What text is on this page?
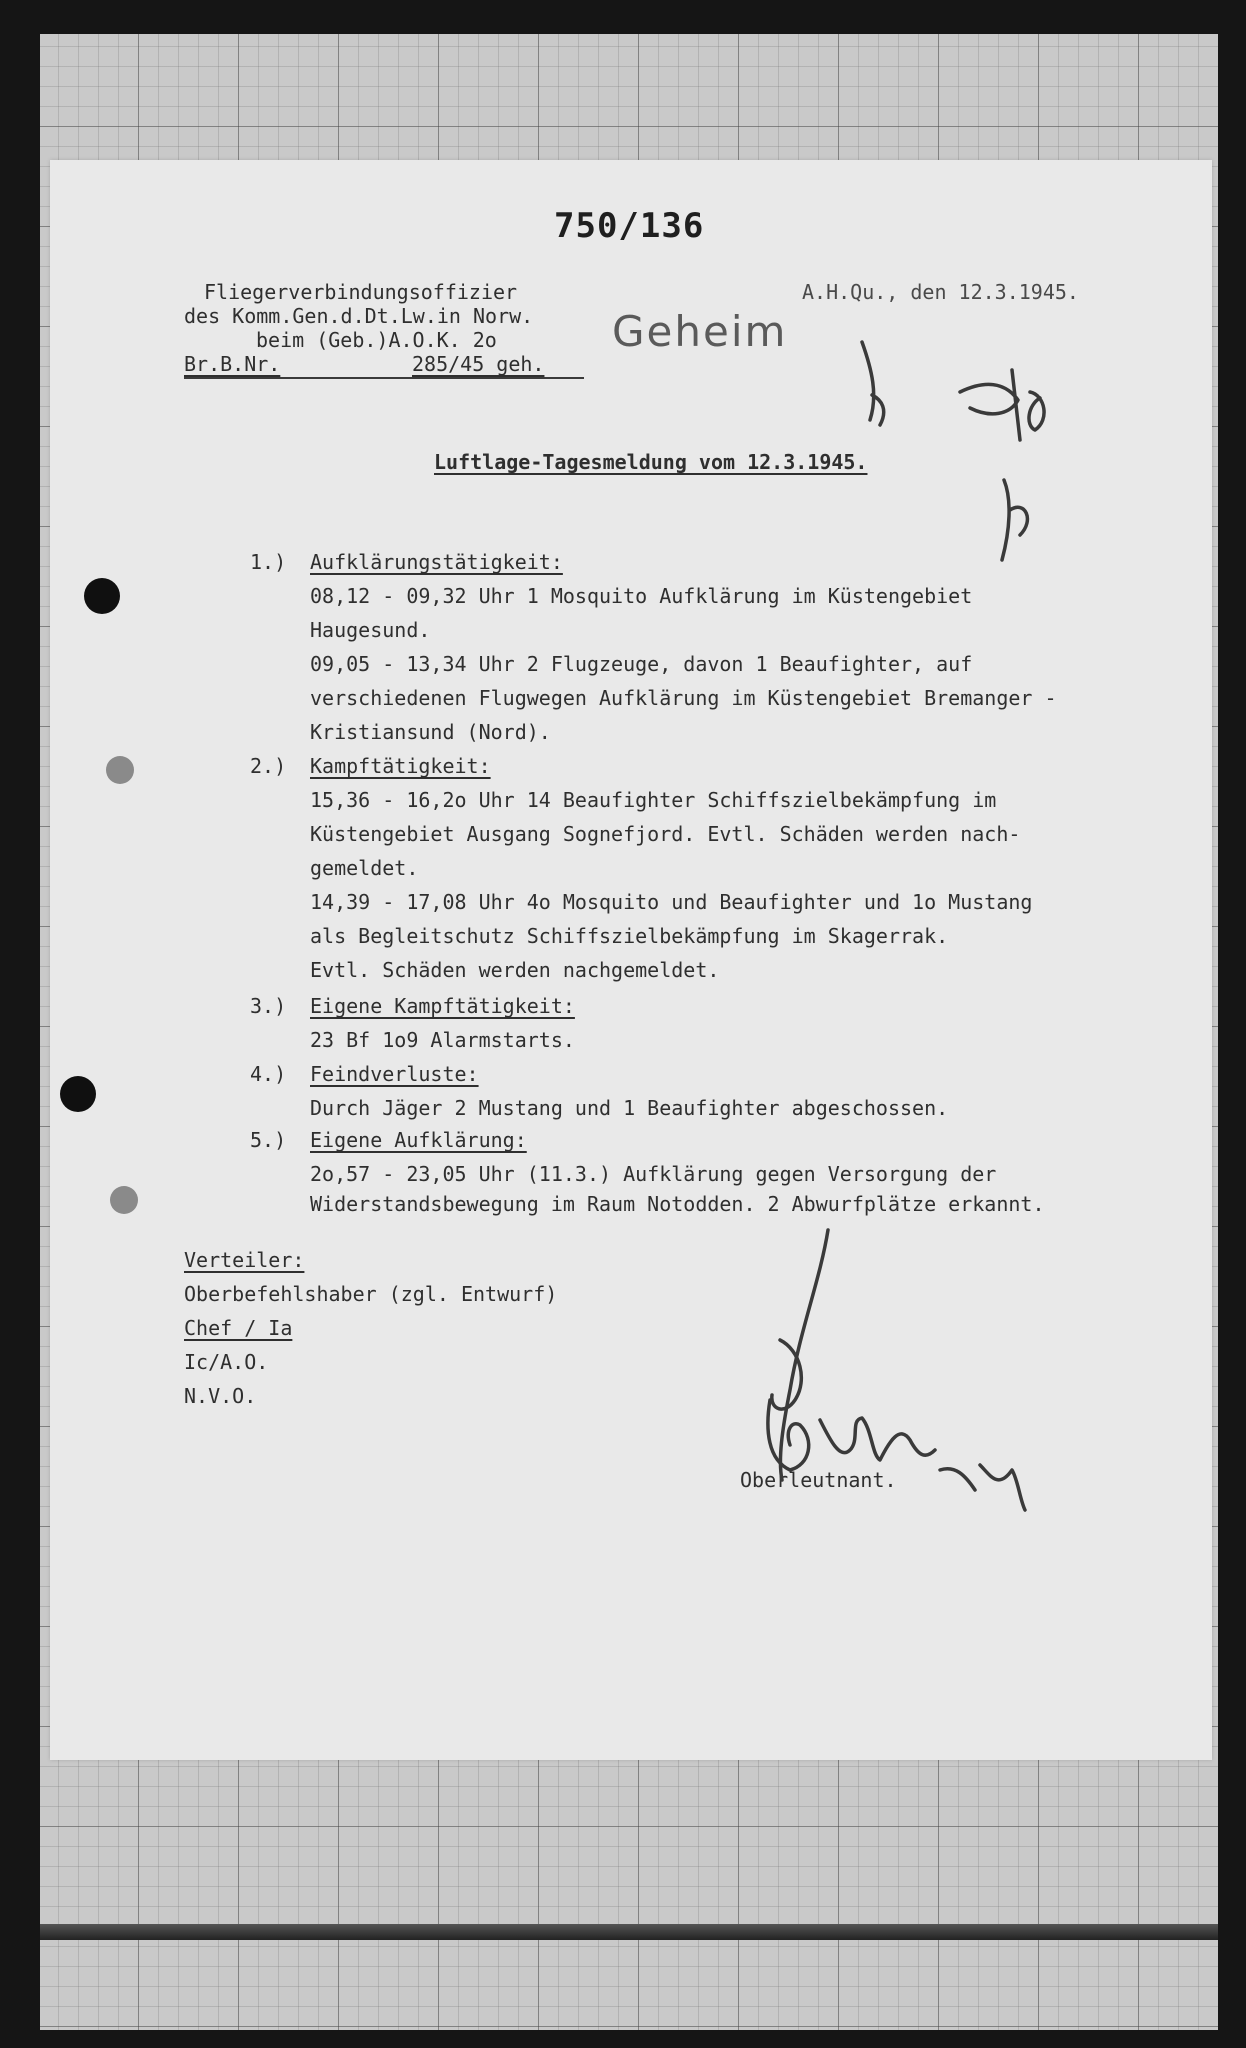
750/136
Fliegerverbindungsoffizier
des Komm.Gen.d.Dt.Lw.in Norw.
beim (Geb.)A.O.K. 2o
Br.B.Nr.	285/45 geh.
A.H.Qu., den 12.3.1945.
Geheim
Luftlage-Tagesmeldung vom 12.3.1945.
1.) Aufklärungstätigkeit:
08,12 - 09,32 Uhr 1 Mosquito Aufklärung im Küstengebiet
Haugesund.
09,05 - 13,34 Uhr 2 Flugzeuge, davon 1 Beaufighter, auf
verschiedenen Flugwegen Aufklärung im Küstengebiet Bremanger -
Kristiansund (Nord).
2.) Kampftätigkeit:
15,36 - 16,2o Uhr 14 Beaufighter Schiffszielbekämpfung im
Küstengebiet Ausgang Sognefjord. Evtl. Schäden werden nach-
gemeldet.
14,39 - 17,08 Uhr 4o Mosquito und Beaufighter und 1o Mustang
als Begleitschutz Schiffszielbekämpfung im Skagerrak.
Evtl. Schäden werden nachgemeldet.
3.) Eigene Kampftätigkeit:
23 Bf 1o9 Alarmstarts.
4.) Feindverluste:
Durch Jäger 2 Mustang und 1 Beaufighter abgeschossen.
5.) Eigene Aufklärung:
2o,57 - 23,05 Uhr (11.3.) Aufklärung gegen Versorgung der
Widerstandsbewegung im Raum Notodden. 2 Abwurfplätze erkannt.
Verteiler:
Oberbefehlshaber (zgl. Entwurf)
Chef / Ia
Ic/A.O.
N.V.O.
Oberleutnant.
